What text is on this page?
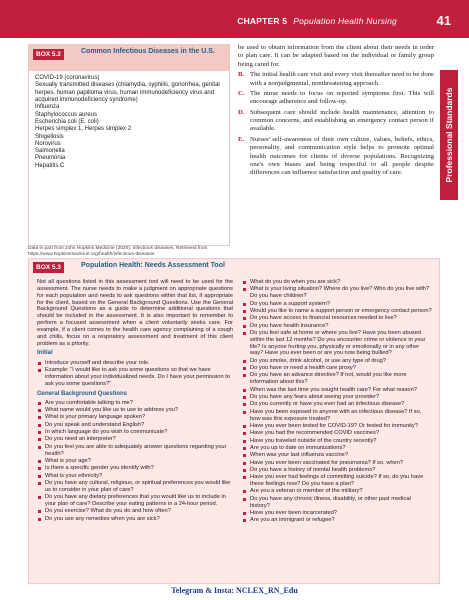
CHAPTER 5 Population Health Nursing	41
Professional Standards
BOX 5.2	Common Infectious Diseases in the U.S.
COVID-19 (coronavirus)
Sexually transmitted diseases (chlamydia, syphilis, gonorrhea, genital herpes, human papilloma virus, human immunodeficiency virus and acquired immunodeficiency syndrome)
Influenza
Staphylococcus aureus
Escherichia coli (E. coli)
Herpes simplex 1, Herpes simplex 2
Shigellosis
Norovirus
Salmonella
Pneumonia
Hepatitis C
Data in part from John Hopkins Medicine (2020). Infectious diseases. Retrieved from https://www.hopkinsmedicine.org/health/infectious-diseases

be used to obtain information from the client about their needs in order to plan care. It can be adapted based on the individual or family group being cared for.

B. The initial health care visit and every visit thereafter need to be done with a nonjudgmental, nonthreatening approach.

C. The nurse needs to focus on reported symptoms first. This will encourage adherence and follow-up.

D. Subsequent care should include health maintenance, attention to common concerns, and establishing an emergency contact person if available.

E. Nurses' self-awareness of their own culture, values, beliefs, ethics, personality, and communication style helps to promote optimal health outcomes for clients of diverse populations. Recognizing one's own biases and being respectful to all people despite differences can influence satisfaction and quality of care.

BOX 5.3	Population Health: Needs Assessment Tool

Not all questions listed in this assessment tool will need to be used for the assessment. The nurse needs to make a judgment on appropriate questions for each population and needs to ask questions within that list, if appropriate for the client, based on the General Background Questions. Use the General Background Questions as a guide to determine additional questions that should be included in the assessment. It is also important to remember to perform a focused assessment when a client voluntarily seeks care. For example, if a client comes to the health care agency complaining of a cough and chills, focus on a respiratory assessment and treatment of this client problem as a priority.

Initial
Introduce yourself and describe your role.
Example: “I would like to ask you some questions so that we have information about your individualized needs. Do I have your permission to ask you some questions?”
General Background Questions
Are you comfortable talking to me?
What name would you like us to use to address you?
What is your primary language spoken?
Do you speak and understand English?
In which language do you wish to communicate?
Do you need an interpreter?
Do you feel you are able to adequately answer questions regarding your health?
What is your age?
Is there a specific gender you identify with?
What is your ethnicity?
Do you have any cultural, religious, or spiritual preferences you would like us to consider in your plan of care?
Do you have any dietary preferences that you would like us to include in your plan of care? Describe your eating patterns in a 24-hour period.
Do you exercise? What do you do and how often?
Do you use any remedies when you are sick?
What do you do when you are sick?
What is your living situation? Where do you live? Who do you live with? Do you have children?
Do you have a support system?
Would you like to name a support person or emergency contact person?
Do you have access to financial resources needed to live?
Do you have health insurance?
Do you feel safe at home or where you live? Have you been abused within the last 12 months? Do you encounter crime or violence in your life? Is anyone hurting you, physically or emotionally or in any other way? Have you ever been or are you now being bullied?
Do you smoke, drink alcohol, or use any type of drug?
Do you have or need a health care proxy?
Do you have an advance directive? If not, would you like more information about this?
When was the last time you sought health care? For what reason?
Do you have any fears about seeing your provider?
Do you currently or have you ever had an infectious disease?
Have you been exposed to anyone with an infectious disease? If so, how was this exposure treated?
Have you ever been tested for COVID-19? Or tested for immunity?
Have you had the recommended COVID vaccines?
Have you traveled outside of the country recently?
Are you up to date on immunizations?
When was your last influenza vaccine?
Have you ever been vaccinated for pneumonia? If so, when?
Do you have a history of mental health problems?
Have you ever had feelings of committing suicide? If so, do you have these feelings now? Do you have a plan?
Are you a veteran or member of the military?
Do you have any chronic illness, disability, or other past medical history?
Have you ever been incarcerated?
Are you an immigrant or refugee?
Telegram & Insta: NCLEX_RN_Edu
